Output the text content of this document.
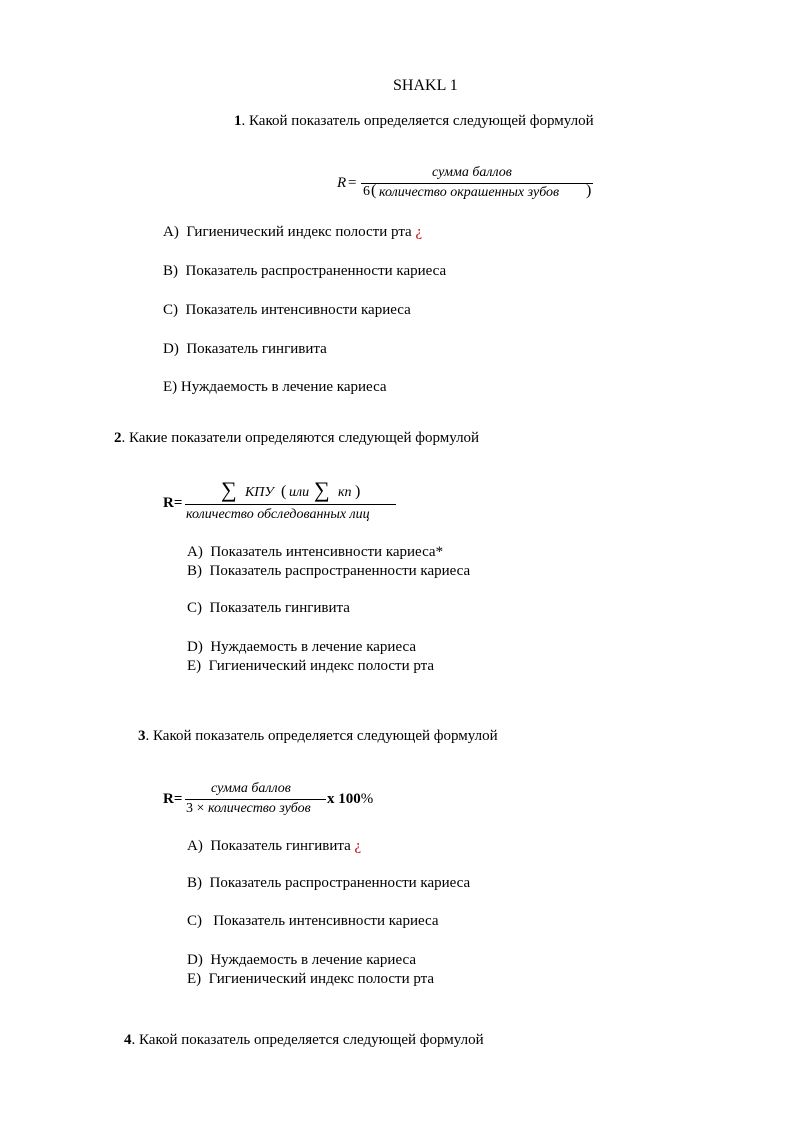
SHAKL 1
1. Какой показатель определяется следующей формулой
R =
сумма баллов
6 ( количество окрашенных зубов )
A) Гигиенический индекс полости рта ¿
B) Показатель распространенности кариеса
C) Показатель интенсивности кариеса
D) Показатель гингивита
E) Нуждаемость в лечение кариеса
2. Какие показатели определяются следующей формулой
R=
∑ КПУ ( или ∑ кп )
количество обследованных лиц
A) Показатель интенсивности кариеса*
B) Показатель распространенности кариеса
C) Показатель гингивита
D) Нуждаемость в лечение кариеса
E) Гигиенический индекс полости рта
3. Какой показатель определяется следующей формулой
R=
сумма баллов
3 × количество зубов
x 100%
A) Показатель гингивита ¿
B) Показатель распространенности кариеса
C)   Показатель интенсивности кариеса
D) Нуждаемость в лечение кариеса
E) Гигиенический индекс полости рта
4. Какой показатель определяется следующей формулой
